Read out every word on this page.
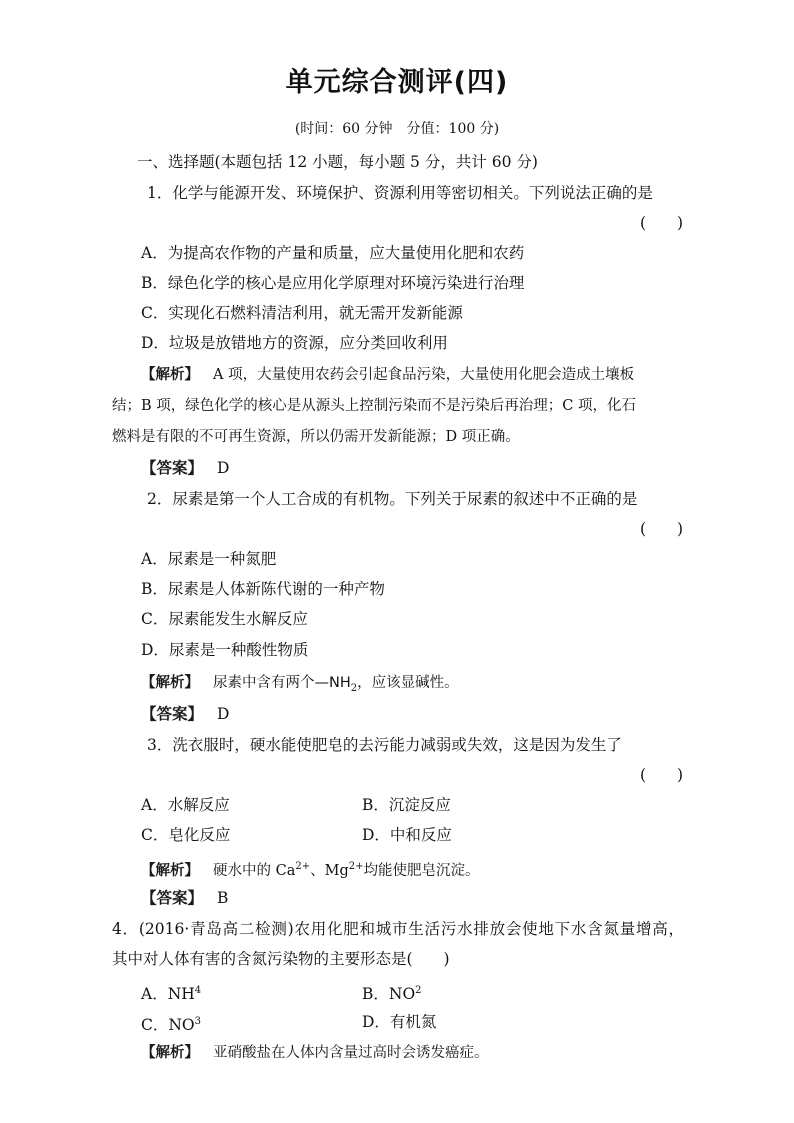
单元综合测评(四)
(时间：60 分钟　分值：100 分)
一、选择题(本题包括 12 小题，每小题 5 分，共计 60 分)
1．化学与能源开发、环境保护、资源利用等密切相关。下列说法正确的是
(　　)
A．为提高农作物的产量和质量，应大量使用化肥和农药
B．绿色化学的核心是应用化学原理对环境污染进行治理
C．实现化石燃料清洁利用，就无需开发新能源
D．垃圾是放错地方的资源，应分类回收利用
【解析】 A 项，大量使用农药会引起食品污染，大量使用化肥会造成土壤板
结；B 项，绿色化学的核心是从源头上控制污染而不是污染后再治理；C 项，化石
燃料是有限的不可再生资源，所以仍需开发新能源；D 项正确。
【答案】 D
2．尿素是第一个人工合成的有机物。下列关于尿素的叙述中不正确的是
(　　)
A．尿素是一种氮肥
B．尿素是人体新陈代谢的一种产物
C．尿素能发生水解反应
D．尿素是一种酸性物质
【解析】 尿素中含有两个$—NH_2$，应该显碱性。
【答案】 D
3．洗衣服时，硬水能使肥皂的去污能力减弱或失效，这是因为发生了
(　　)
A．水解反应	B．沉淀反应
C．皂化反应	D．中和反应
【解析】 硬水中的 $Ca^{2+}$、$Mg^{2+}$均能使肥皂沉淀。
【答案】 B
4．(2016·青岛高二检测)农用化肥和城市生活污水排放会使地下水含氮量增高，
其中对人体有害的含氮污染物的主要形态是(　　)
A．$NH^4$	B．$NO^2$
C．$NO^3$	D．有机氮
【解析】 亚硝酸盐在人体内含量过高时会诱发癌症。
